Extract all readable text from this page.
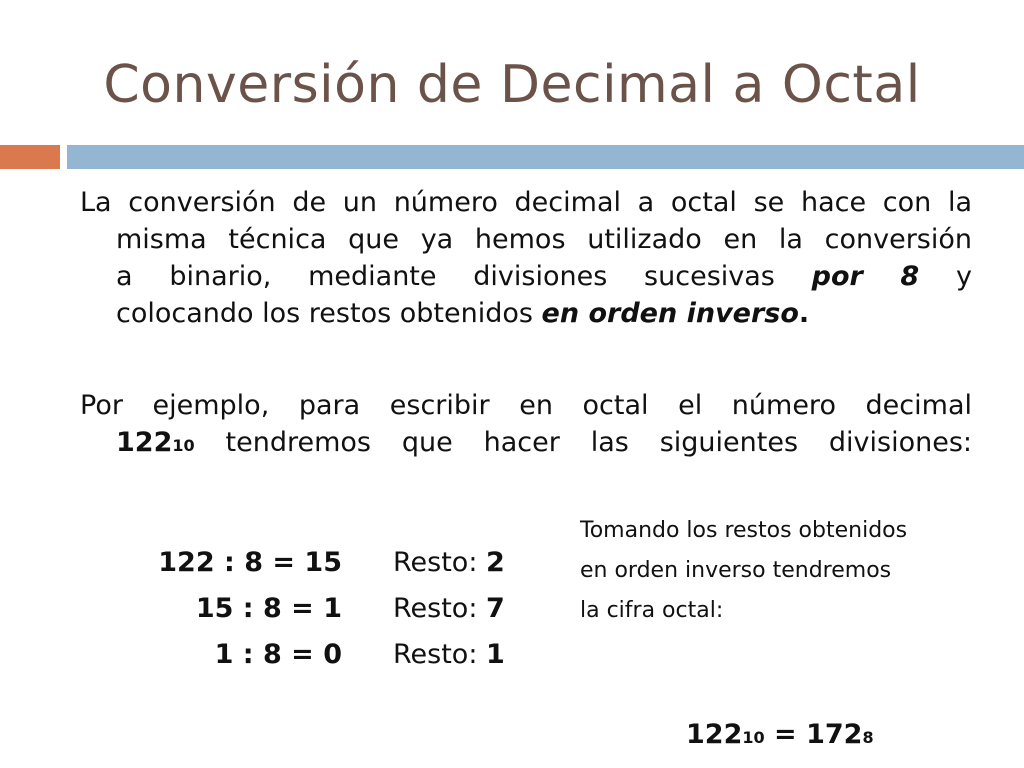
Conversión de Decimal a Octal
La conversión de un número decimal a octal se hace con la
misma técnica que ya hemos utilizado en la conversión
a binario, mediante divisiones sucesivas por 8 y
colocando los restos obtenidos en orden inverso.
Por ejemplo, para escribir en octal el número decimal
12210 tendremos que hacer las siguientes divisiones:
122 : 8 = 15
15 : 8 = 1
1 : 8 = 0
Resto: 2
Resto: 7
Resto: 1
Tomando los restos obtenidos
en orden inverso tendremos
la cifra octal:
12210 = 1728
